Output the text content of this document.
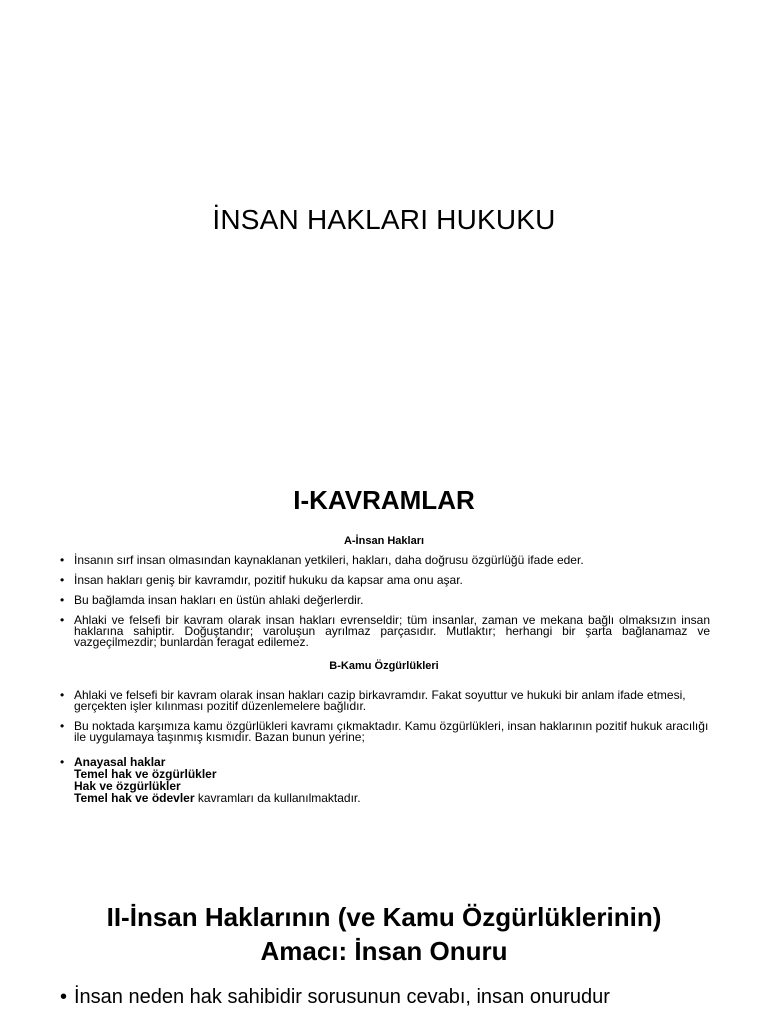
İNSAN HAKLARI HUKUKU
I-KAVRAMLAR
A-İnsan Hakları
• İnsanın sırf insan olmasından kaynaklanan yetkileri, hakları, daha doğrusu özgürlüğü ifade eder.
• İnsan hakları geniş bir kavramdır, pozitif hukuku da kapsar ama onu aşar.
• Bu bağlamda insan hakları en üstün ahlaki değerlerdir.
• Ahlaki ve felsefi bir kavram olarak insan hakları evrenseldir; tüm insanlar, zaman ve mekana bağlı olmaksızın insan haklarına sahiptir. Doğuştandır; varoluşun ayrılmaz parçasıdır. Mutlaktır; herhangi bir şarta bağlanamaz ve vazgeçilmezdir; bunlardan feragat edilemez.
B-Kamu Özgürlükleri
• Ahlaki ve felsefi bir kavram olarak insan hakları cazip birkavramdır. Fakat soyuttur ve hukuki bir anlam ifade etmesi, gerçekten işler kılınması pozitif düzenlemelere bağlıdır.
• Bu noktada karşımıza kamu özgürlükleri kavramı çıkmaktadır. Kamu özgürlükleri, insan haklarının pozitif hukuk aracılığı ile uygulamaya taşınmış kısmıdır. Bazan bunun yerine;
• Anayasal haklar
Temel hak ve özgürlükler
Hak ve özgürlükler
Temel hak ve ödevler kavramları da kullanılmaktadır.
II-İnsan Haklarının (ve Kamu Özgürlüklerinin)
Amacı: İnsan Onuru
• İnsan neden hak sahibidir sorusunun cevabı, insan onurudur
